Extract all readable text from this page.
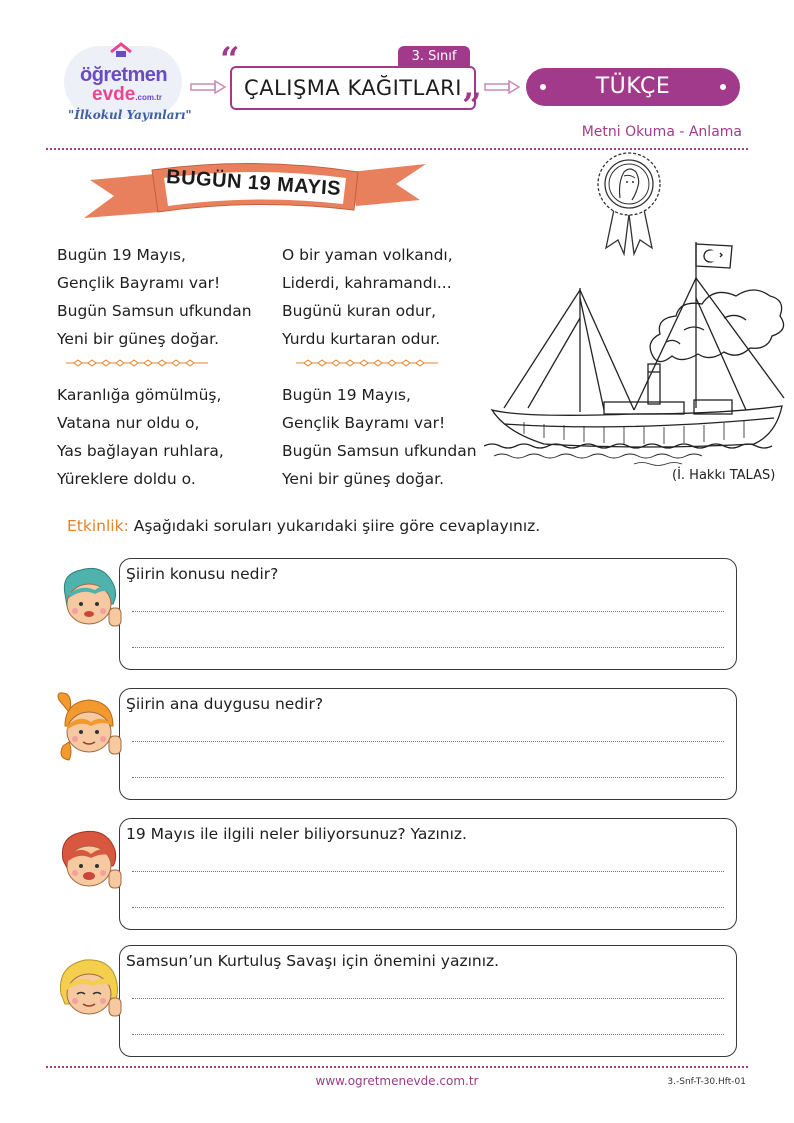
öğretmen
evde.com.tr
"İlkokul Yayınları"
3. Sınıf
ÇALIŞMA KAĞITLARI
“
”	TÜKÇE
Metni Okuma - Anlama
BUGÜN 19 MAYIS
Bugün 19 Mayıs,
Gençlik Bayramı var!
Bugün Samsun ufkundan
Yeni bir güneş doğar.
O bir yaman volkandı,
Liderdi, kahramandı...
Bugünü kuran odur,
Yurdu kurtaran odur.
Karanlığa gömülmüş,
Vatana nur oldu o,
Yas bağlayan ruhlara,
Yüreklere doldu o.
Bugün 19 Mayıs,
Gençlik Bayramı var!
Bugün Samsun ufkundan
Yeni bir güneş doğar.	(İ. Hakkı TALAS)
Etkinlik: Aşağıdaki soruları yukarıdaki şiire göre cevaplayınız.
Şiirin konusu nedir?
Şiirin ana duygusu nedir?
19 Mayıs ile ilgili neler biliyorsunuz? Yazınız.
Samsun’un Kurtuluş Savaşı için önemini yazınız.
www.ogretmenevde.com.tr	3.-Snf-T-30.Hft-01
